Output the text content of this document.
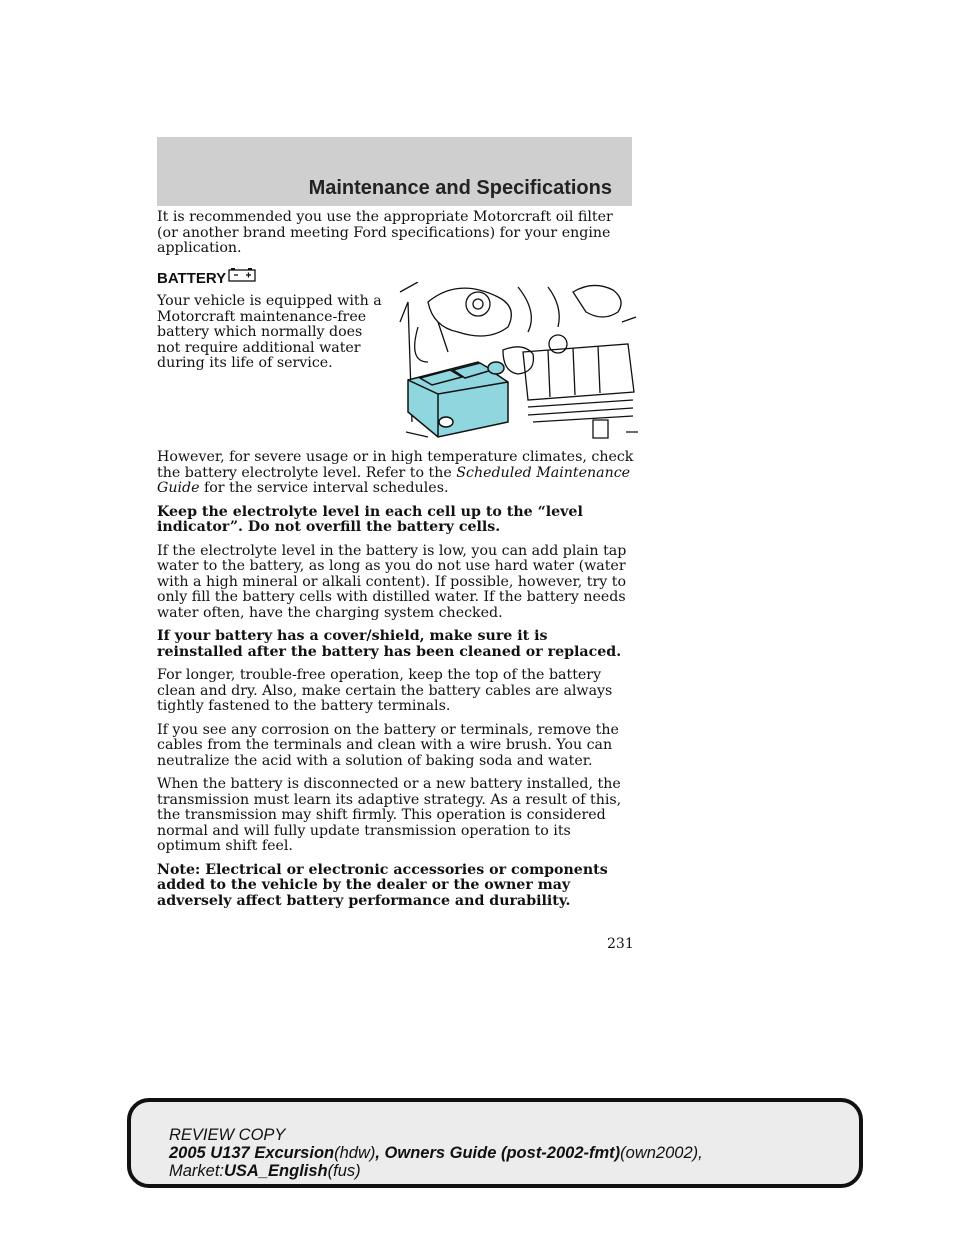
Maintenance and Specifications

It is recommended you use the appropriate Motorcraft oil filter (or another brand meeting Ford specifications) for your engine application.

BATTERY

Your vehicle is equipped with a Motorcraft maintenance-free battery which normally does not require additional water during its life of service.

However, for severe usage or in high temperature climates, check the battery electrolyte level. Refer to the Scheduled Maintenance Guide for the service interval schedules.

Keep the electrolyte level in each cell up to the “level indicator”. Do not overfill the battery cells.

If the electrolyte level in the battery is low, you can add plain tap water to the battery, as long as you do not use hard water (water with a high mineral or alkali content). If possible, however, try to only fill the battery cells with distilled water. If the battery needs water often, have the charging system checked.

If your battery has a cover/shield, make sure it is reinstalled after the battery has been cleaned or replaced.

For longer, trouble-free operation, keep the top of the battery clean and dry. Also, make certain the battery cables are always tightly fastened to the battery terminals.

If you see any corrosion on the battery or terminals, remove the cables from the terminals and clean with a wire brush. You can neutralize the acid with a solution of baking soda and water.

When the battery is disconnected or a new battery installed, the transmission must learn its adaptive strategy. As a result of this, the transmission may shift firmly. This operation is considered normal and will fully update transmission operation to its optimum shift feel.

Note: Electrical or electronic accessories or components added to the vehicle by the dealer or the owner may adversely affect battery performance and durability.

231
REVIEW COPY
2005 U137 Excursion(hdw), Owners Guide (post-2002-fmt)(own2002),
Market:USA_English(fus)
